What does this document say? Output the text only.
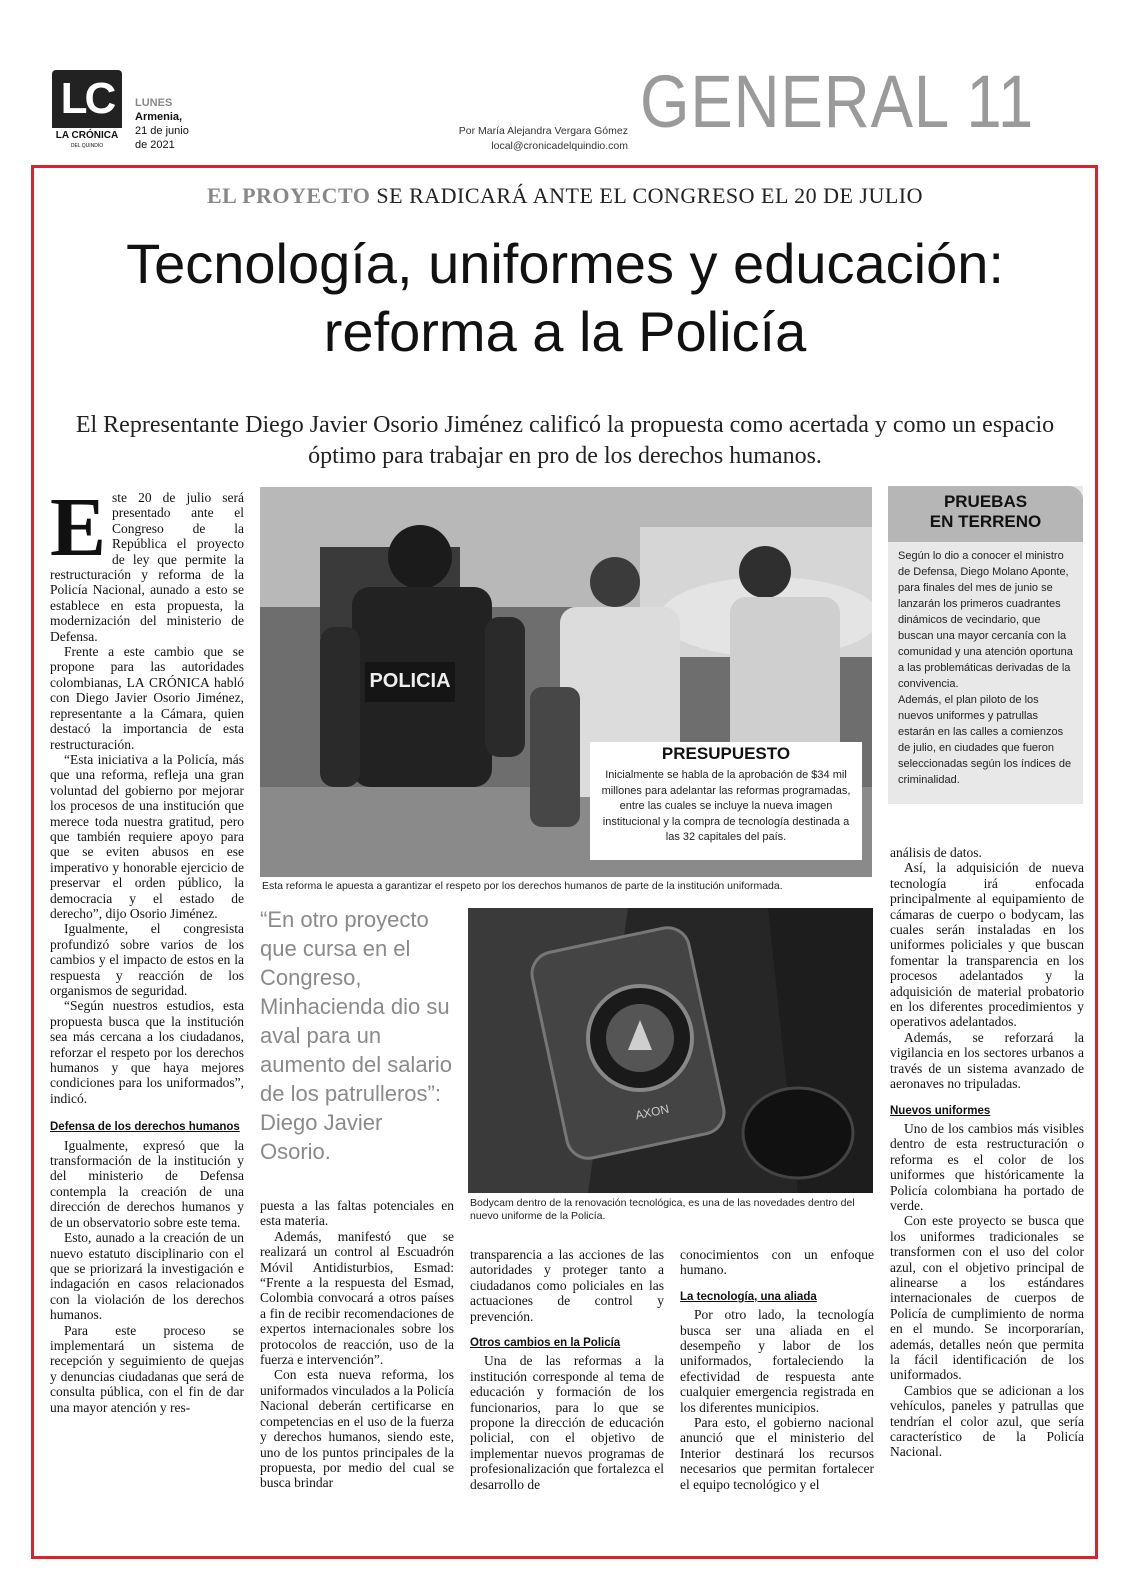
LC
LA CRÓNICA
DEL QUINDÍO
LUNES
Armenia,
21 de junio
de 2021
Por María Alejandra Vergara Gómez
local@cronicadelquindio.com
GENERAL 11
EL PROYECTO SE RADICARÁ ANTE EL CONGRESO EL 20 DE JULIO
Tecnología, uniformes y educación:
reforma a la Policía
El Representante Diego Javier Osorio Jiménez calificó la propuesta como acertada y como un espacio óptimo para trabajar en pro de los derechos humanos.

Este 20 de julio será presentado ante el Congreso de la República el proyecto de ley que permite la restructuración y reforma de la Policía Nacional, aunado a esto se establece en esta propuesta, la modernización del ministerio de Defensa.

Frente a este cambio que se propone para las autoridades colombianas, LA CRÓNICA habló con Diego Javier Osorio Jiménez, representante a la Cámara, quien destacó la importancia de esta restructuración.

“Esta iniciativa a la Policía, más que una reforma, refleja una gran voluntad del gobierno por mejorar los procesos de una institución que merece toda nuestra gratitud, pero que también requiere apoyo para que se eviten abusos en ese imperativo y honorable ejercicio de preservar el orden público, la democracia y el estado de derecho”, dijo Osorio Jiménez.

Igualmente, el congresista profundizó sobre varios de los cambios y el impacto de estos en la respuesta y reacción de los organismos de seguridad.

“Según nuestros estudios, esta propuesta busca que la institución sea más cercana a los ciudadanos, reforzar el respeto por los derechos humanos y que haya mejores condiciones para los uniformados”, indicó.

Defensa de los derechos humanos

Igualmente, expresó que la transformación de la institución y del ministerio de Defensa contempla la creación de una dirección de derechos humanos y de un observatorio sobre este tema.

Esto, aunado a la creación de un nuevo estatuto disciplinario con el que se priorizará la investigación e indagación en casos relacionados con la violación de los derechos humanos.

Para este proceso se implementará un sistema de recepción y seguimiento de quejas y denuncias ciudadanas que será de consulta pública, con el fin de dar una mayor atención y res-

POLICIA
PRESUPUESTO
Inicialmente se habla de la aprobación de $34 mil millones para adelantar las reformas programadas, entre las cuales se incluye la nueva imagen institucional y la compra de tecnología destinada a las 32 capitales del país.
Esta reforma le apuesta a garantizar el respeto por los derechos humanos de parte de la institución uniformada.
PRUEBAS
EN TERRENO
Según lo dio a conocer el ministro de Defensa, Diego Molano Aponte, para finales del mes de junio se lanzarán los primeros cuadrantes dinámicos de vecindario, que buscan una mayor cercanía con la comunidad y una atención oportuna a las problemáticas derivadas de la convivencia.
Además, el plan piloto de los nuevos uniformes y patrullas estarán en las calles a comienzos de julio, en ciudades que fueron seleccionadas según los índices de criminalidad.
“En otro proyecto que cursa en el Congreso, Minhacienda dio su aval para un aumento del salario de los patrulleros”: Diego Javier Osorio.
AXON
Bodycam dentro de la renovación tecnológica, es una de las novedades dentro del nuevo uniforme de la Policía.

puesta a las faltas potenciales en esta materia.

Además, manifestó que se realizará un control al Escuadrón Móvil Antidisturbios, Esmad: “Frente a la respuesta del Esmad, Colombia convocará a otros países a fin de recibir recomendaciones de expertos internacionales sobre los protocolos de reacción, uso de la fuerza e intervención”.

Con esta nueva reforma, los uniformados vinculados a la Policía Nacional deberán certificarse en competencias en el uso de la fuerza y derechos humanos, siendo este, uno de los puntos principales de la propuesta, por medio del cual se busca brindar

transparencia a las acciones de las autoridades y proteger tanto a ciudadanos como policiales en las actuaciones de control y prevención.

Otros cambios en la Policía

Una de las reformas a la institución corresponde al tema de educación y formación de los funcionarios, para lo que se propone la dirección de educación policial, con el objetivo de implementar nuevos programas de profesionalización que fortalezca el desarrollo de

conocimientos con un enfoque humano.

La tecnología, una aliada

Por otro lado, la tecnología busca ser una aliada en el desempeño y labor de los uniformados, fortaleciendo la efectividad de respuesta ante cualquier emergencia registrada en los diferentes municipios.

Para esto, el gobierno nacional anunció que el ministerio del Interior destinará los recursos necesarios que permitan fortalecer el equipo tecnológico y el

análisis de datos.

Así, la adquisición de nueva tecnología irá enfocada principalmente al equipamiento de cámaras de cuerpo o bodycam, las cuales serán instaladas en los uniformes policiales y que buscan fomentar la transparencia en los procesos adelantados y la adquisición de material probatorio en los diferentes procedimientos y operativos adelantados.

Además, se reforzará la vigilancia en los sectores urbanos a través de un sistema avanzado de aeronaves no tripuladas.

Nuevos uniformes

Uno de los cambios más visibles dentro de esta restructuración o reforma es el color de los uniformes que históricamente la Policía colombiana ha portado de verde.

Con este proyecto se busca que los uniformes tradicionales se transformen con el uso del color azul, con el objetivo principal de alinearse a los estándares internacionales de cuerpos de Policía de cumplimiento de norma en el mundo. Se incorporarían, además, detalles neón que permita la fácil identificación de los uniformados.

Cambios que se adicionan a los vehículos, paneles y patrullas que tendrían el color azul, que sería característico de la Policía Nacional.
